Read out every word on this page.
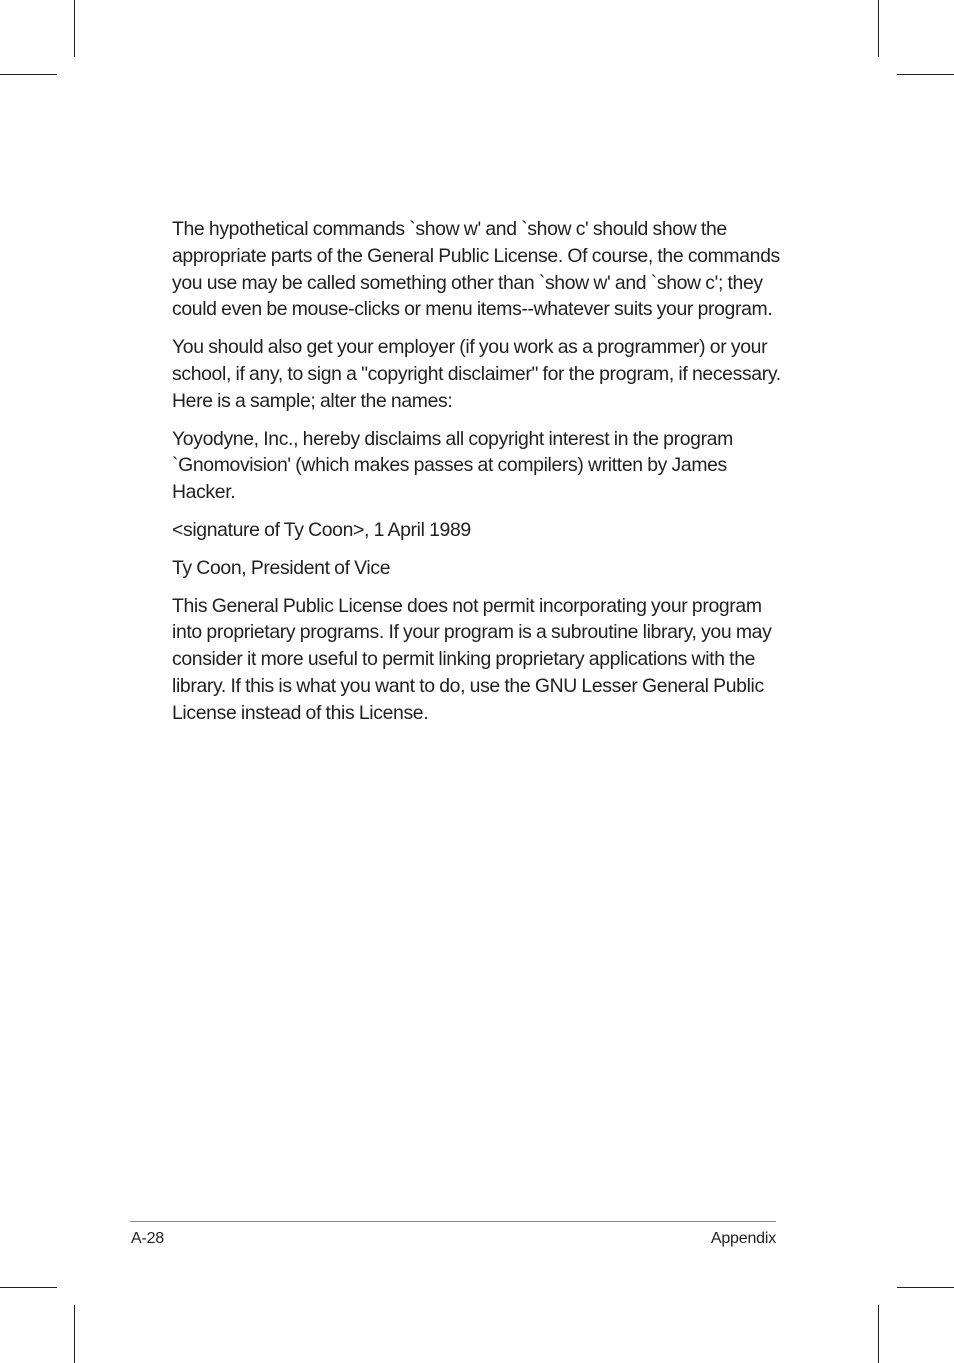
The hypothetical commands `show w' and `show c' should show the appropriate parts of the General Public License. Of course, the commands you use may be called something other than `show w' and `show c'; they could even be mouse-clicks or menu items--whatever suits your program.

You should also get your employer (if you work as a programmer) or your school, if any, to sign a "copyright disclaimer" for the program, if necessary. Here is a sample; alter the names:

Yoyodyne, Inc., hereby disclaims all copyright interest in the program `Gnomovision' (which makes passes at compilers) written by James Hacker.

<signature of Ty Coon>, 1 April 1989

Ty Coon, President of Vice

This General Public License does not permit incorporating your program into proprietary programs. If your program is a subroutine library, you may consider it more useful to permit linking proprietary applications with the library. If this is what you want to do, use the GNU Lesser General Public License instead of this License.

A-28	Appendix
